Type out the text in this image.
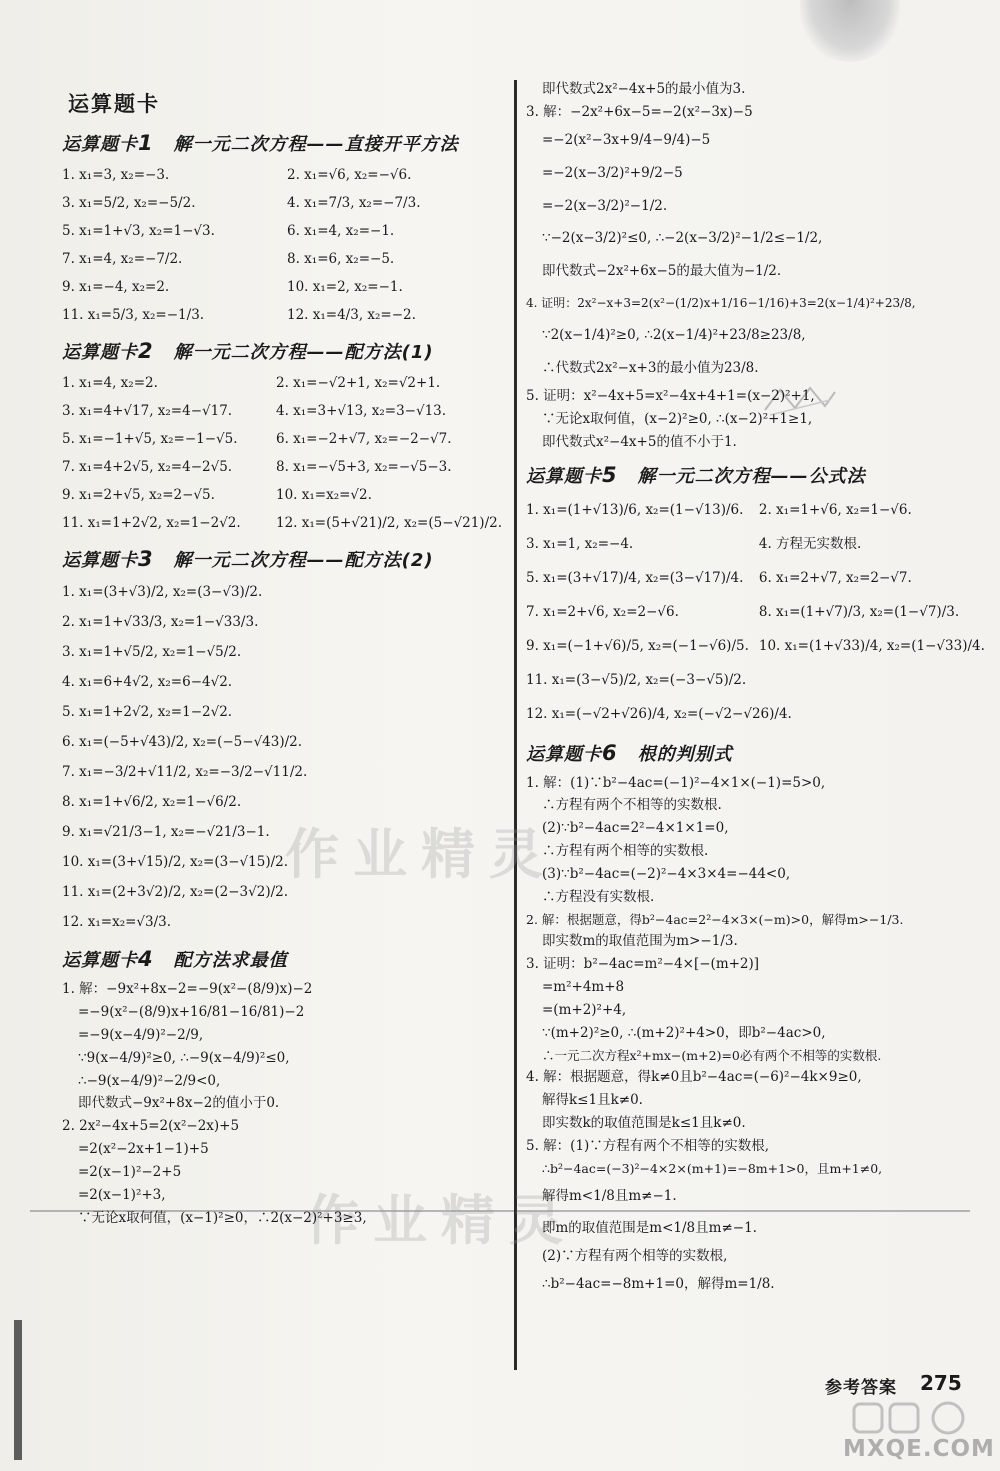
作业精灵
作业精灵
运算题卡
运算题卡1 解一元二次方程——直接开平方法
1. x₁=3, x₂=−3.	2. x₁=√6, x₂=−√6.
3. x₁=5/2, x₂=−5/2.	4. x₁=7/3, x₂=−7/3.
5. x₁=1+√3, x₂=1−√3.	6. x₁=4, x₂=−1.
7. x₁=4, x₂=−7/2.	8. x₁=6, x₂=−5.
9. x₁=−4, x₂=2.	10. x₁=2, x₂=−1.
11. x₁=5/3, x₂=−1/3.	12. x₁=4/3, x₂=−2.
运算题卡2 解一元二次方程——配方法(1)
1. x₁=4, x₂=2.	2. x₁=−√2+1, x₂=√2+1.
3. x₁=4+√17, x₂=4−√17.	4. x₁=3+√13, x₂=3−√13.
5. x₁=−1+√5, x₂=−1−√5.	6. x₁=−2+√7, x₂=−2−√7.
7. x₁=4+2√5, x₂=4−2√5.	8. x₁=−√5+3, x₂=−√5−3.
9. x₁=2+√5, x₂=2−√5.	10. x₁=x₂=√2.
11. x₁=1+2√2, x₂=1−2√2.	12. x₁=(5+√21)/2, x₂=(5−√21)/2.
运算题卡3 解一元二次方程——配方法(2)
1. x₁=(3+√3)/2, x₂=(3−√3)/2.
2. x₁=1+√33/3, x₂=1−√33/3.
3. x₁=1+√5/2, x₂=1−√5/2.
4. x₁=6+4√2, x₂=6−4√2.
5. x₁=1+2√2, x₂=1−2√2.
6. x₁=(−5+√43)/2, x₂=(−5−√43)/2.
7. x₁=−3/2+√11/2, x₂=−3/2−√11/2.
8. x₁=1+√6/2, x₂=1−√6/2.
9. x₁=√21/3−1, x₂=−√21/3−1.
10. x₁=(3+√15)/2, x₂=(3−√15)/2.
11. x₁=(2+3√2)/2, x₂=(2−3√2)/2.
12. x₁=x₂=√3/3.
运算题卡4 配方法求最值
1. 解：−9x²+8x−2=−9(x²−(8/9)x)−2
=−9(x²−(8/9)x+16/81−16/81)−2
=−9(x−4/9)²−2/9,
∵9(x−4/9)²≥0, ∴−9(x−4/9)²≤0,
∴−9(x−4/9)²−2/9<0,
即代数式−9x²+8x−2的值小于0.
2. 2x²−4x+5=2(x²−2x)+5
=2(x²−2x+1−1)+5
=2(x−1)²−2+5
=2(x−1)²+3,
∵无论x取何值，(x−1)²≥0，∴2(x−2)²+3≥3,
即代数式2x²−4x+5的最小值为3.
3. 解：−2x²+6x−5=−2(x²−3x)−5
=−2(x²−3x+9/4−9/4)−5
=−2(x−3/2)²+9/2−5
=−2(x−3/2)²−1/2.
∵−2(x−3/2)²≤0, ∴−2(x−3/2)²−1/2≤−1/2,
即代数式−2x²+6x−5的最大值为−1/2.
4. 证明：2x²−x+3=2(x²−(1/2)x+1/16−1/16)+3=2(x−1/4)²+23/8,
∵2(x−1/4)²≥0, ∴2(x−1/4)²+23/8≥23/8,
∴代数式2x²−x+3的最小值为23/8.
5. 证明：x²−4x+5=x²−4x+4+1=(x−2)²+1,
∵无论x取何值，(x−2)²≥0, ∴(x−2)²+1≥1,
即代数式x²−4x+5的值不小于1.
运算题卡5 解一元二次方程——公式法
1. x₁=(1+√13)/6, x₂=(1−√13)/6.	2. x₁=1+√6, x₂=1−√6.
3. x₁=1, x₂=−4.	4. 方程无实数根.
5. x₁=(3+√17)/4, x₂=(3−√17)/4.	6. x₁=2+√7, x₂=2−√7.
7. x₁=2+√6, x₂=2−√6.	8. x₁=(1+√7)/3, x₂=(1−√7)/3.
9. x₁=(−1+√6)/5, x₂=(−1−√6)/5. 10. x₁=(1+√33)/4, x₂=(1−√33)/4.
11. x₁=(3−√5)/2, x₂=(−3−√5)/2.
12. x₁=(−√2+√26)/4, x₂=(−√2−√26)/4.
运算题卡6 根的判别式
1. 解：(1)∵b²−4ac=(−1)²−4×1×(−1)=5>0,
∴方程有两个不相等的实数根.
(2)∵b²−4ac=2²−4×1×1=0,
∴方程有两个相等的实数根.
(3)∵b²−4ac=(−2)²−4×3×4=−44<0,
∴方程没有实数根.
2. 解：根据题意，得b²−4ac=2²−4×3×(−m)>0，解得m>−1/3.
即实数m的取值范围为m>−1/3.
3. 证明：b²−4ac=m²−4×[−(m+2)]
=m²+4m+8
=(m+2)²+4,
∵(m+2)²≥0, ∴(m+2)²+4>0，即b²−4ac>0,
∴一元二次方程x²+mx−(m+2)=0必有两个不相等的实数根.
4. 解：根据题意，得k≠0且b²−4ac=(−6)²−4k×9≥0,
解得k≤1且k≠0.
即实数k的取值范围是k≤1且k≠0.
5. 解：(1)∵方程有两个不相等的实数根,
∴b²−4ac=(−3)²−4×2×(m+1)=−8m+1>0，且m+1≠0,
解得m<1/8且m≠−1.
即m的取值范围是m<1/8且m≠−1.
(2)∵方程有两个相等的实数根,
∴b²−4ac=−8m+1=0，解得m=1/8.
参考答案 275
MXQE.COM
